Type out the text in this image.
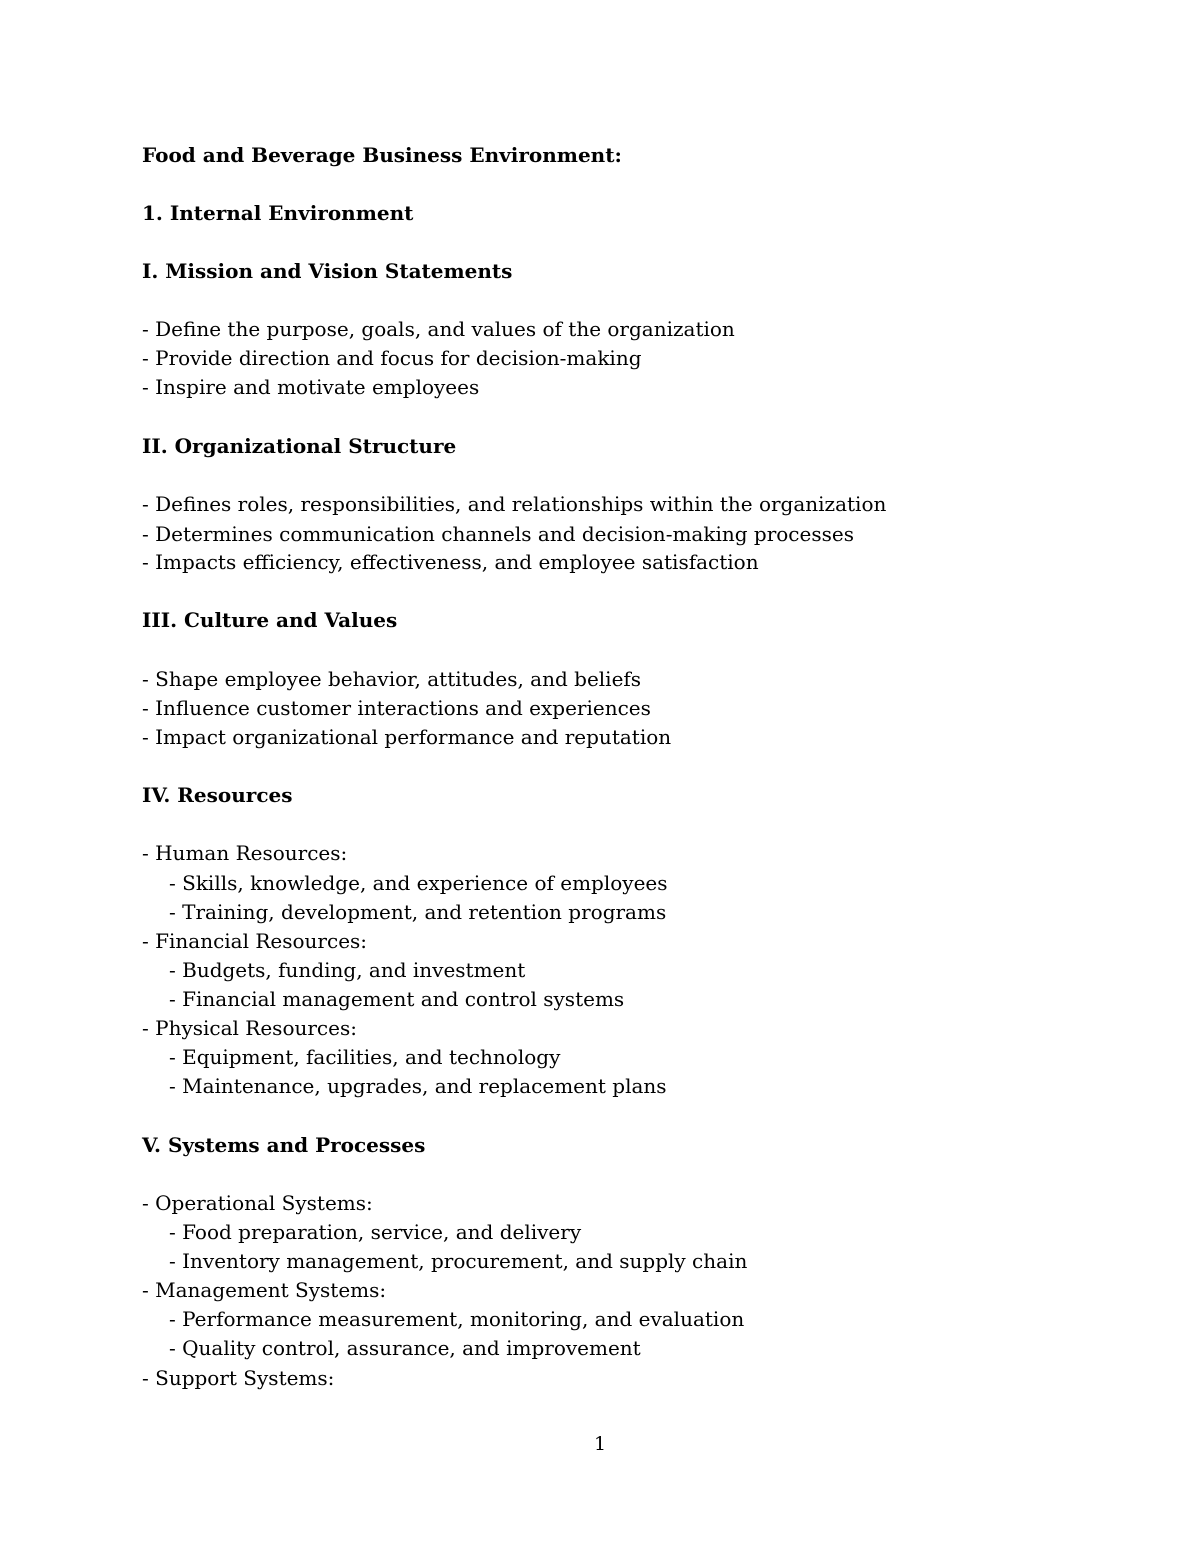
Food and Beverage Business Environment:
1. Internal Environment
I. Mission and Vision Statements
- Define the purpose, goals, and values of the organization
- Provide direction and focus for decision-making
- Inspire and motivate employees
II. Organizational Structure
- Defines roles, responsibilities, and relationships within the organization
- Determines communication channels and decision-making processes
- Impacts efficiency, effectiveness, and employee satisfaction
III. Culture and Values
- Shape employee behavior, attitudes, and beliefs
- Influence customer interactions and experiences
- Impact organizational performance and reputation
IV. Resources
- Human Resources:
- Skills, knowledge, and experience of employees
- Training, development, and retention programs
- Financial Resources:
- Budgets, funding, and investment
- Financial management and control systems
- Physical Resources:
- Equipment, facilities, and technology
- Maintenance, upgrades, and replacement plans
V. Systems and Processes
- Operational Systems:
- Food preparation, service, and delivery
- Inventory management, procurement, and supply chain
- Management Systems:
- Performance measurement, monitoring, and evaluation
- Quality control, assurance, and improvement
- Support Systems:
1
